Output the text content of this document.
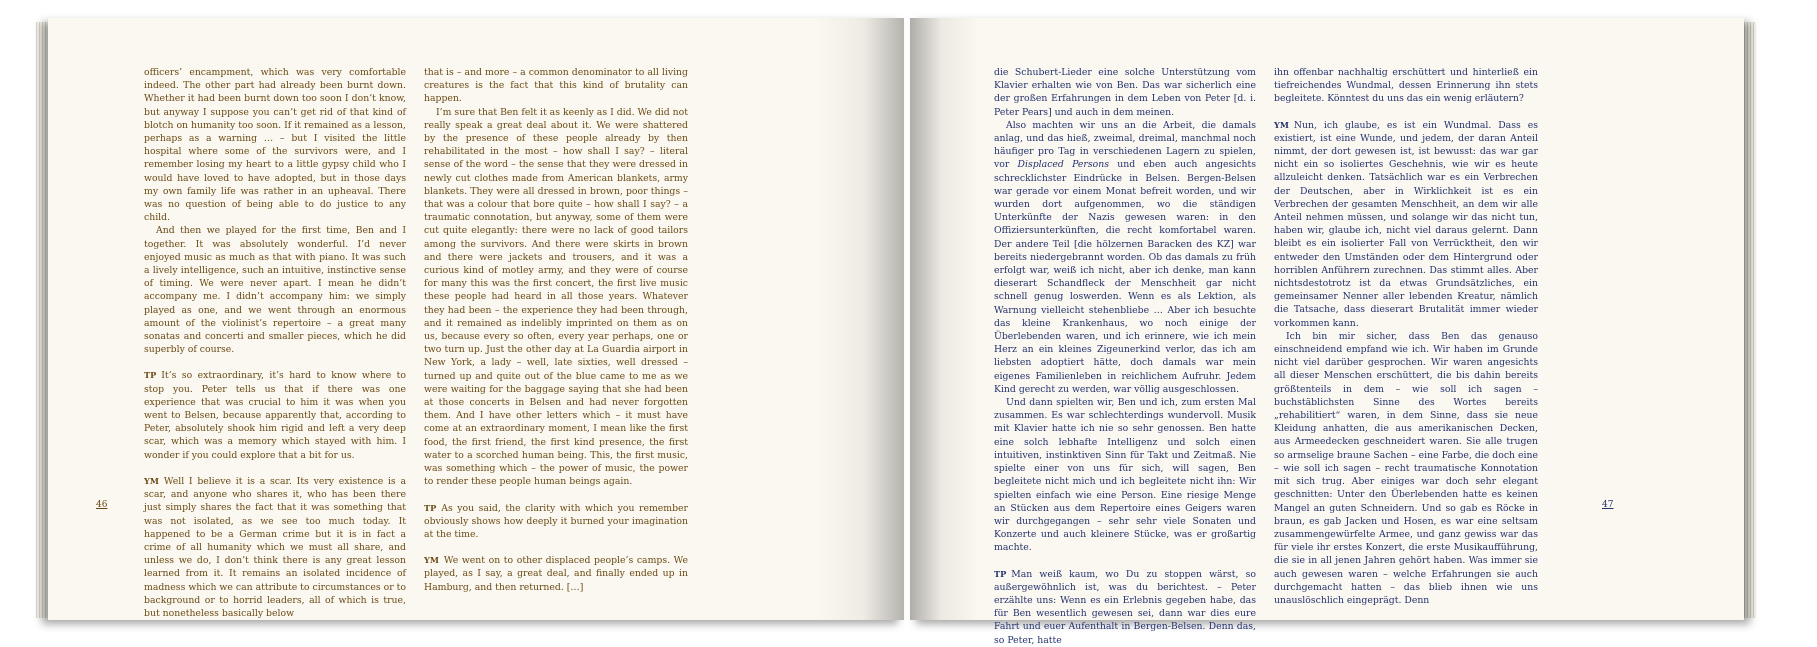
officers’ encampment, which was very comfortable indeed. The other part had already been burnt down. Whether it had been burnt down too soon I don’t know, but anyway I suppose you can’t get rid of that kind of blotch on humanity too soon. If it remained as a lesson, perhaps as a warning … – but I visited the little hospital where some of the survivors were, and I remember losing my heart to a little gypsy child who I would have loved to have adopted, but in those days my own family life was rather in an upheaval. There was no question of being able to do justice to any child.

And then we played for the first time, Ben and I together. It was absolutely wonderful. I’d never enjoyed music as much as that with piano. It was such a lively intelligence, such an intuitive, instinctive sense of timing. We were never apart. I mean he didn’t accompany me. I didn’t accompany him: we simply played as one, and we went through an enormous amount of the violinist’s repertoire – a great many sonatas and concerti and smaller pieces, which he did superbly of course.

TP It’s so extraordinary, it’s hard to know where to stop you. Peter tells us that if there was one experience that was crucial to him it was when you went to Belsen, because apparently that, according to Peter, absolutely shook him rigid and left a very deep scar, which was a memory which stayed with him. I wonder if you could explore that a bit for us.

YM Well I believe it is a scar. Its very existence is a scar, and anyone who shares it, who has been there just simply shares the fact that it was something that was not isolated, as we see too much today. It happened to be a German crime but it is in fact a crime of all humanity which we must all share, and unless we do, I don’t think there is any great lesson learned from it. It remains an isolated incidence of madness which we can attribute to circumstances or to background or to horrid leaders, all of which is true, but nonetheless basically below

that is – and more – a common denominator to all living creatures is the fact that this kind of brutality can happen.

I’m sure that Ben felt it as keenly as I did. We did not really speak a great deal about it. We were shattered by the presence of these people already by then rehabilitated in the most – how shall I say? – literal sense of the word – the sense that they were dressed in newly cut clothes made from American blankets, army blankets. They were all dressed in brown, poor things – that was a colour that bore quite – how shall I say? – a traumatic connotation, but anyway, some of them were cut quite elegantly: there were no lack of good tailors among the survivors. And there were skirts in brown and there were jackets and trousers, and it was a curious kind of motley army, and they were of course for many this was the first concert, the first live music these people had heard in all those years. Whatever they had been – the experience they had been through, and it remained as indelibly imprinted on them as on us, because every so often, every year perhaps, one or two turn up. Just the other day at La Guardia airport in New York, a lady – well, late sixties, well dressed – turned up and quite out of the blue came to me as we were waiting for the baggage saying that she had been at those concerts in Belsen and had never forgotten them. And I have other letters which – it must have come at an extraordinary moment, I mean like the first food, the first friend, the first kind presence, the first water to a scorched human being. This, the first music, was something which – the power of music, the power to render these people human beings again.

TP As you said, the clarity with which you remember obviously shows how deeply it burned your imagination at the time.

YM We went on to other displaced people’s camps. We played, as I say, a great deal, and finally ended up in Hamburg, and then returned. […]

46

die Schubert-Lieder eine solche Unterstützung vom Klavier erhalten wie von Ben. Das war sicherlich eine der großen Erfahrungen in dem Leben von Peter [d. i. Peter Pears] und auch in dem meinen.

Also machten wir uns an die Arbeit, die damals anlag, und das hieß, zweimal, dreimal, manchmal noch häufiger pro Tag in verschiedenen Lagern zu spielen, vor Displaced Persons und eben auch angesichts schrecklichster Eindrücke in Belsen. Bergen-Belsen war gerade vor einem Monat befreit worden, und wir wurden dort aufgenommen, wo die ständigen Unterkünfte der Nazis gewesen waren: in den Offiziersunterkünften, die recht komfortabel waren. Der andere Teil [die hölzernen Baracken des KZ] war bereits niedergebrannt worden. Ob das damals zu früh erfolgt war, weiß ich nicht, aber ich denke, man kann dieserart Schandfleck der Menschheit gar nicht schnell genug loswerden. Wenn es als Lektion, als Warnung vielleicht stehenbliebe … Aber ich besuchte das kleine Krankenhaus, wo noch einige der Überlebenden waren, und ich erinnere, wie ich mein Herz an ein kleines Zigeunerkind verlor, das ich am liebsten adoptiert hätte, doch damals war mein eigenes Familienleben in reichlichem Aufruhr. Jedem Kind gerecht zu werden, war völlig ausgeschlossen.

Und dann spielten wir, Ben und ich, zum ersten Mal zusammen. Es war schlechterdings wundervoll. Musik mit Klavier hatte ich nie so sehr genossen. Ben hatte eine solch lebhafte Intelligenz und solch einen intuitiven, instinktiven Sinn für Takt und Zeitmaß. Nie spielte einer von uns für sich, will sagen, Ben begleitete nicht mich und ich begleitete nicht ihn: Wir spielten einfach wie eine Person. Eine riesige Menge an Stücken aus dem Repertoire eines Geigers waren wir durchgegangen – sehr sehr viele Sonaten und Konzerte und auch kleinere Stücke, was er großartig machte.

TP Man weiß kaum, wo Du zu stoppen wärst, so außergewöhnlich ist, was du berichtest. – Peter erzählte uns: Wenn es ein Erlebnis gegeben habe, das für Ben wesentlich gewesen sei, dann war dies eure Fahrt und euer Aufenthalt in Bergen-Belsen. Denn das, so Peter, hatte

ihn offenbar nachhaltig erschüttert und hinterließ ein tiefreichendes Wundmal, dessen Erinnerung ihn stets begleitete. Könntest du uns das ein wenig erläutern?

YM Nun, ich glaube, es ist ein Wundmal. Dass es existiert, ist eine Wunde, und jedem, der daran Anteil nimmt, der dort gewesen ist, ist bewusst: das war gar nicht ein so isoliertes Geschehnis, wie wir es heute allzuleicht denken. Tatsächlich war es ein Verbrechen der Deutschen, aber in Wirklichkeit ist es ein Verbrechen der gesamten Menschheit, an dem wir alle Anteil nehmen müssen, und solange wir das nicht tun, haben wir, glaube ich, nicht viel daraus gelernt. Dann bleibt es ein isolierter Fall von Verrücktheit, den wir entweder den Umständen oder dem Hintergrund oder horriblen Anführern zurechnen. Das stimmt alles. Aber nichtsdestotrotz ist da etwas Grundsätzliches, ein gemeinsamer Nenner aller lebenden Kreatur, nämlich die Tatsache, dass dieserart Brutalität immer wieder vorkommen kann.

Ich bin mir sicher, dass Ben das genauso einschneidend empfand wie ich. Wir haben im Grunde nicht viel darüber gesprochen. Wir waren angesichts all dieser Menschen erschüttert, die bis dahin bereits größtenteils in dem – wie soll ich sagen – buchstäblichsten Sinne des Wortes bereits „rehabilitiert“ waren, in dem Sinne, dass sie neue Kleidung anhatten, die aus amerikanischen Decken, aus Armeedecken geschneidert waren. Sie alle trugen so armselige braune Sachen – eine Farbe, die doch eine – wie soll ich sagen – recht traumatische Konnotation mit sich trug. Aber einiges war doch sehr elegant geschnitten: Unter den Überlebenden hatte es keinen Mangel an guten Schneidern. Und so gab es Röcke in braun, es gab Jacken und Hosen, es war eine seltsam zusammengewürfelte Armee, und ganz gewiss war das für viele ihr erstes Konzert, die erste Musikaufführung, die sie in all jenen Jahren gehört haben. Was immer sie auch gewesen waren – welche Erfahrungen sie auch durchgemacht hatten – das blieb ihnen wie uns unauslöschlich eingeprägt. Denn

47
